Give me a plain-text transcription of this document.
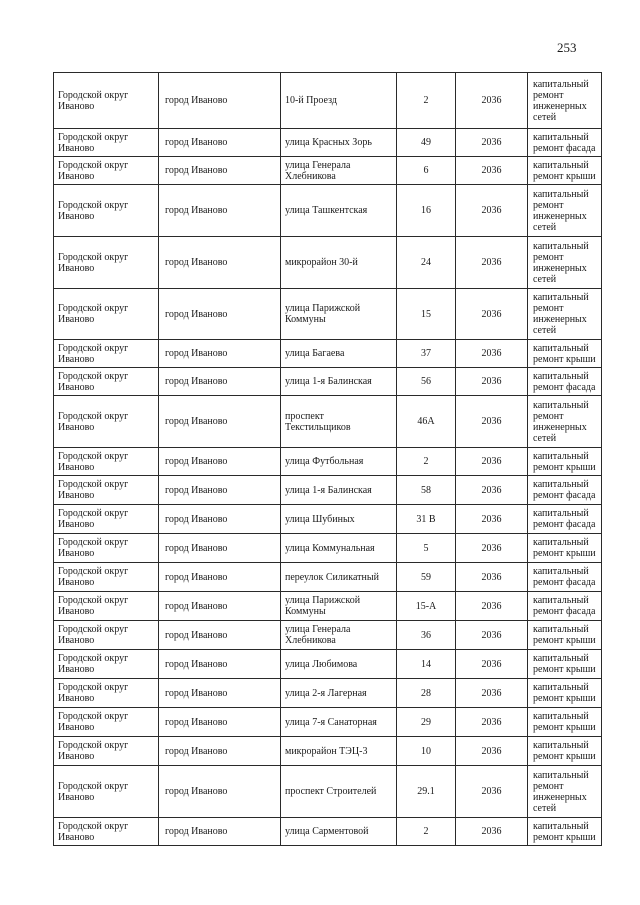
253
Городской округ Иваново	город Иваново	10-й Проезд	2	2036	капитальный ремонт инженерных сетей
Городской округ Иваново	город Иваново	улица Красных Зорь	49	2036	капитальный ремонт фасада
Городской округ Иваново	город Иваново	улица Генерала Хлебникова	6	2036	капитальный ремонт крыши
Городской округ Иваново	город Иваново	улица Ташкентская	16	2036	капитальный ремонт инженерных сетей
Городской округ Иваново	город Иваново	микрорайон 30-й	24	2036	капитальный ремонт инженерных сетей
Городской округ Иваново	город Иваново	улица Парижской Коммуны	15	2036	капитальный ремонт инженерных сетей
Городской округ Иваново	город Иваново	улица Багаева	37	2036	капитальный ремонт крыши
Городской округ Иваново	город Иваново	улица 1-я Балинская	56	2036	капитальный ремонт фасада
Городской округ Иваново	город Иваново	проспект Текстильщиков	46А	2036	капитальный ремонт инженерных сетей
Городской округ Иваново	город Иваново	улица Футбольная	2	2036	капитальный ремонт крыши
Городской округ Иваново	город Иваново	улица 1-я Балинская	58	2036	капитальный ремонт фасада
Городской округ Иваново	город Иваново	улица Шубиных	31 В	2036	капитальный ремонт фасада
Городской округ Иваново	город Иваново	улица Коммунальная	5	2036	капитальный ремонт крыши
Городской округ Иваново	город Иваново	переулок Силикатный	59	2036	капитальный ремонт фасада
Городской округ Иваново	город Иваново	улица Парижской Коммуны	15-А	2036	капитальный ремонт фасада
Городской округ Иваново	город Иваново	улица Генерала Хлебникова	36	2036	капитальный ремонт крыши
Городской округ Иваново	город Иваново	улица Любимова	14	2036	капитальный ремонт крыши
Городской округ Иваново	город Иваново	улица 2-я Лагерная	28	2036	капитальный ремонт крыши
Городской округ Иваново	город Иваново	улица 7-я Санаторная	29	2036	капитальный ремонт крыши
Городской округ Иваново	город Иваново	микрорайон ТЭЦ-3	10	2036	капитальный ремонт крыши
Городской округ Иваново	город Иваново	проспект Строителей	29.1	2036	капитальный ремонт инженерных сетей
Городской округ Иваново	город Иваново	улица Сарментовой	2	2036	капитальный ремонт крыши
